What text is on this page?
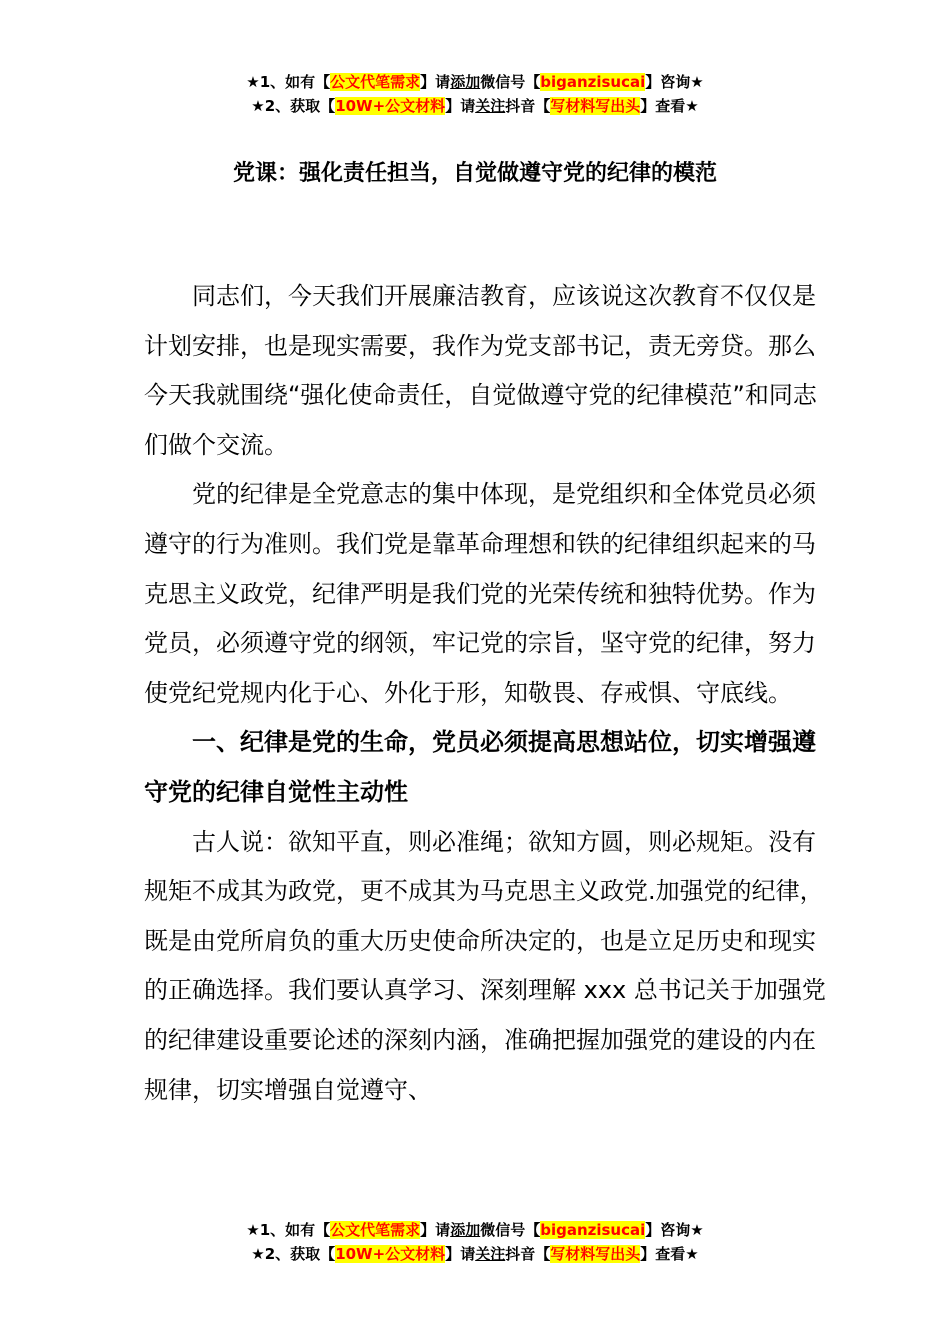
★1、如有【公文代笔需求】请添加微信号【biganzisucai】咨询★
★2、获取【10W+公文材料】请关注抖音【写材料写出头】查看★
党课：强化责任担当，自觉做遵守党的纪律的模范

同志们，今天我们开展廉洁教育，应该说这次教育不仅仅是计划安排，也是现实需要，我作为党支部书记，责无旁贷。那么今天我就围绕“强化使命责任，自觉做遵守党的纪律模范”和同志们做个交流。

党的纪律是全党意志的集中体现，是党组织和全体党员必须遵守的行为准则。我们党是靠革命理想和铁的纪律组织起来的马克思主义政党，纪律严明是我们党的光荣传统和独特优势。作为党员，必须遵守党的纲领，牢记党的宗旨，坚守党的纪律，努力使党纪党规内化于心、外化于形，知敬畏、存戒惧、守底线。

一、纪律是党的生命，党员必须提高思想站位，切实增强遵守党的纪律自觉性主动性

古人说：欲知平直，则必准绳；欲知方圆，则必规矩。没有规矩不成其为政党，更不成其为马克思主义政党.加强党的纪律，既是由党所肩负的重大历史使命所决定的，也是立足历史和现实的正确选择。我们要认真学习、深刻理解 xxx 总书记关于加强党的纪律建设重要论述的深刻内涵，准确把握加强党的建设的内在规律，切实增强自觉遵守、

★1、如有【公文代笔需求】请添加微信号【biganzisucai】咨询★
★2、获取【10W+公文材料】请关注抖音【写材料写出头】查看★
